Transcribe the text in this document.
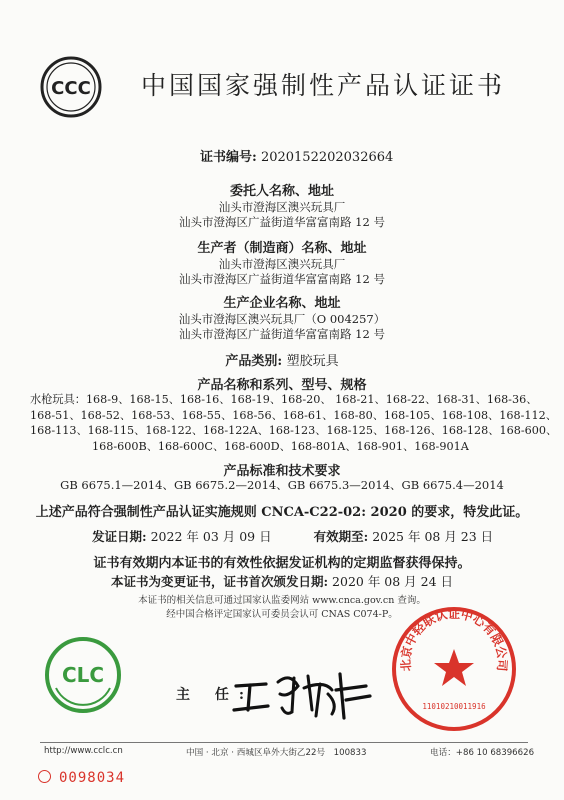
CCC	中国国家强制性产品认证证书
证书编号: 2020152202032664
委托人名称、地址
汕头市澄海区澳兴玩具厂
汕头市澄海区广益街道华富富南路 12 号
生产者（制造商）名称、地址
汕头市澄海区澳兴玩具厂
汕头市澄海区广益街道华富富南路 12 号
生产企业名称、地址
汕头市澄海区澳兴玩具厂（O 004257）
汕头市澄海区广益街道华富富南路 12 号
产品类别: 塑胶玩具
产品名称和系列、型号、规格
水枪玩具：168-9、168-15、168-16、168-19、168-20、 168-21、168-22、168-31、168-36、
168-51、168-52、168-53、168-55、168-56、168-61、168-80、168-105、168-108、168-112、
168-113、168-115、168-122、168-122A、168-123、168-125、168-126、168-128、168-600、
168-600B、168-600C、168-600D、168-801A、168-901、168-901A
产品标准和技术要求
GB 6675.1—2014、GB 6675.2—2014、GB 6675.3—2014、GB 6675.4—2014
上述产品符合强制性产品认证实施规则 CNCA-C22-02: 2020 的要求，特发此证。
发证日期: 2022 年 03 月 09 日	有效期至: 2025 年 08 月 23 日
证书有效期内本证书的有效性依据发证机构的定期监督获得保持。
本证书为变更证书，证书首次颁发日期: 2020 年 08 月 24 日
本证书的相关信息可通过国家认监委网站 www.cnca.gov.cn 查询。
经中国合格评定国家认可委员会认可 CNAS C074-P。
CLC
主 任:
北京中轻联认证中心有限公司
11010210011916
http://www.cclc.cn	中国 · 北京 · 西城区阜外大街乙22号　100833	电话：+86 10 68396626
0098034
